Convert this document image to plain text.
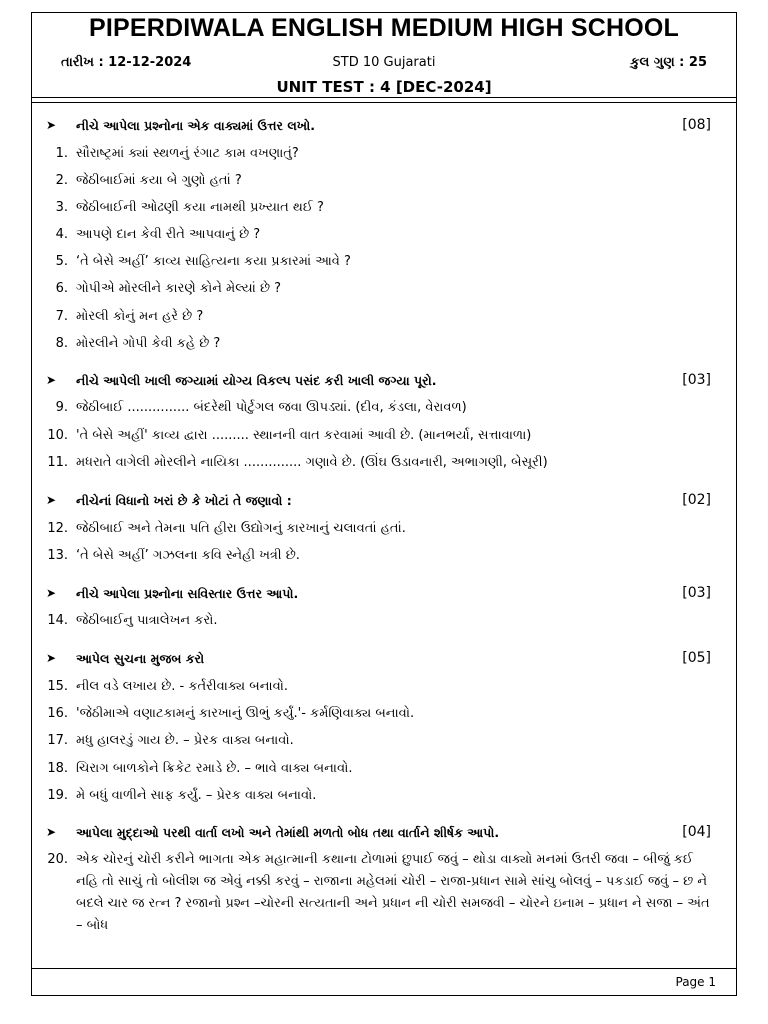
PIPERDIWALA ENGLISH MEDIUM HIGH SCHOOL
તારીખ : 12-12-2024	STD 10 Gujarati	કુલ ગુણ : 25
UNIT TEST : 4 [DEC-2024]
➤ નીચે આપેલા પ્રશ્નોના એક વાક્યમાં ઉત્તર લખો.	[08]
1. સૌરાષ્ટ્રમાં ક્યાં સ્થળનું રંગાટ કામ વખણાતું?
2. જેઠીબાઈમાં કયા બે ગુણો હતાં ?
3. જેઠીબાઈની ઓઢણી કયા નામથી પ્રખ્યાત થઈ ?
4. આપણે દાન કેવી રીતે આપવાનું છે ?
5. ‘તે બેસે અહીં’ કાવ્ય સાહિત્યના કયા પ્રકારમાં આવે ?
6. ગોપીએ મોરલીને કારણે કોને મેલ્યાં છે ?
7. મોરલી કોનું મન હરે છે ?
8. મોરલીને ગોપી કેવી કહે છે ?
➤ નીચે આપેલી ખાલી જગ્યામાં યોગ્ય વિકલ્પ પસંદ કરી ખાલી જગ્યા પૂરો.	[03]
9. જેઠીબાઈ ............... બંદરેથી પોર્ટુગલ જવા ઊપડ્યાં. (દીવ, કંડલા, વેરાવળ)
10. 'તે બેસે અહીં' કાવ્ય દ્વારા ......... સ્થાનની વાત કરવામાં આવી છે. (માનભર્યા, સત્તાવાળા)
11. મધરાતે વાગેલી મોરલીને નાયિકા .............. ગણાવે છે. (ઊંઘ ઉડાવનારી, અભાગણી, બેસૂરી)
➤ નીચેનાં વિધાનો ખરાં છે કે ખોટાં તે જણાવો :	[02]
12. જેઠીબાઈ અને તેમના પતિ હીરા ઉદ્યોગનું કારખાનું ચલાવતાં હતાં.
13. ‘તે બેસે અહીં’ ગઝલના કવિ સ્નેહી ખત્રી છે.
➤ નીચે આપેલા પ્રશ્નોના સવિસ્તાર ઉત્તર આપો.	[03]
14. જેઠીબાઈનુ પાત્રાલેખન કરો.
➤ આપેલ સુચના મુજબ કરો	[05]
15. નીલ વડે લખાય છે. - કર્તરીવાક્ય બનાવો.
16. 'જેઠીમાએ વણાટકામનું કારખાનું ઊભું કર્યું.'- કર્મણિવાક્ય બનાવો.
17. મધુ હાલરડું ગાય છે. – પ્રેરક વાક્ય બનાવો.
18. ચિરાગ બાળકોને ક્રિકેટ રમાડે છે. – ભાવે વાક્ય બનાવો.
19. મે બધું વાળીને સાફ કર્યું. – પ્રેરક વાક્ય બનાવો.
➤ આપેલા મુદ્દાઓ પરથી વાર્તા લખો અને તેમાંથી મળતો બોધ તથા વાર્તાને શીર્ષક આપો.	[04]
20. એક ચોરનું ચોરી કરીને ભાગતા એક મહાત્માની કથાના ટોળામાં છુપાઈ જવું – થોડા વાક્યો મનમાં ઉતરી જવા – બીજું કઈ નહિ તો સાચું તો બોલીશ જ એવું નક્કી કરવું – રાજાના મહેલમાં ચોરી – રાજા-પ્રધાન સામે સાંચુ બોલવું – પકડાઈ જવું – છ ને બદલે ચાર જ રત્ન ? રજાનો પ્રશ્ન –ચોરની સત્યતાની અને પ્રધાન ની ચોરી સમજવી – ચોરને ઇનામ – પ્રધાન ને સજા – અંત – બોધ
Page 1
